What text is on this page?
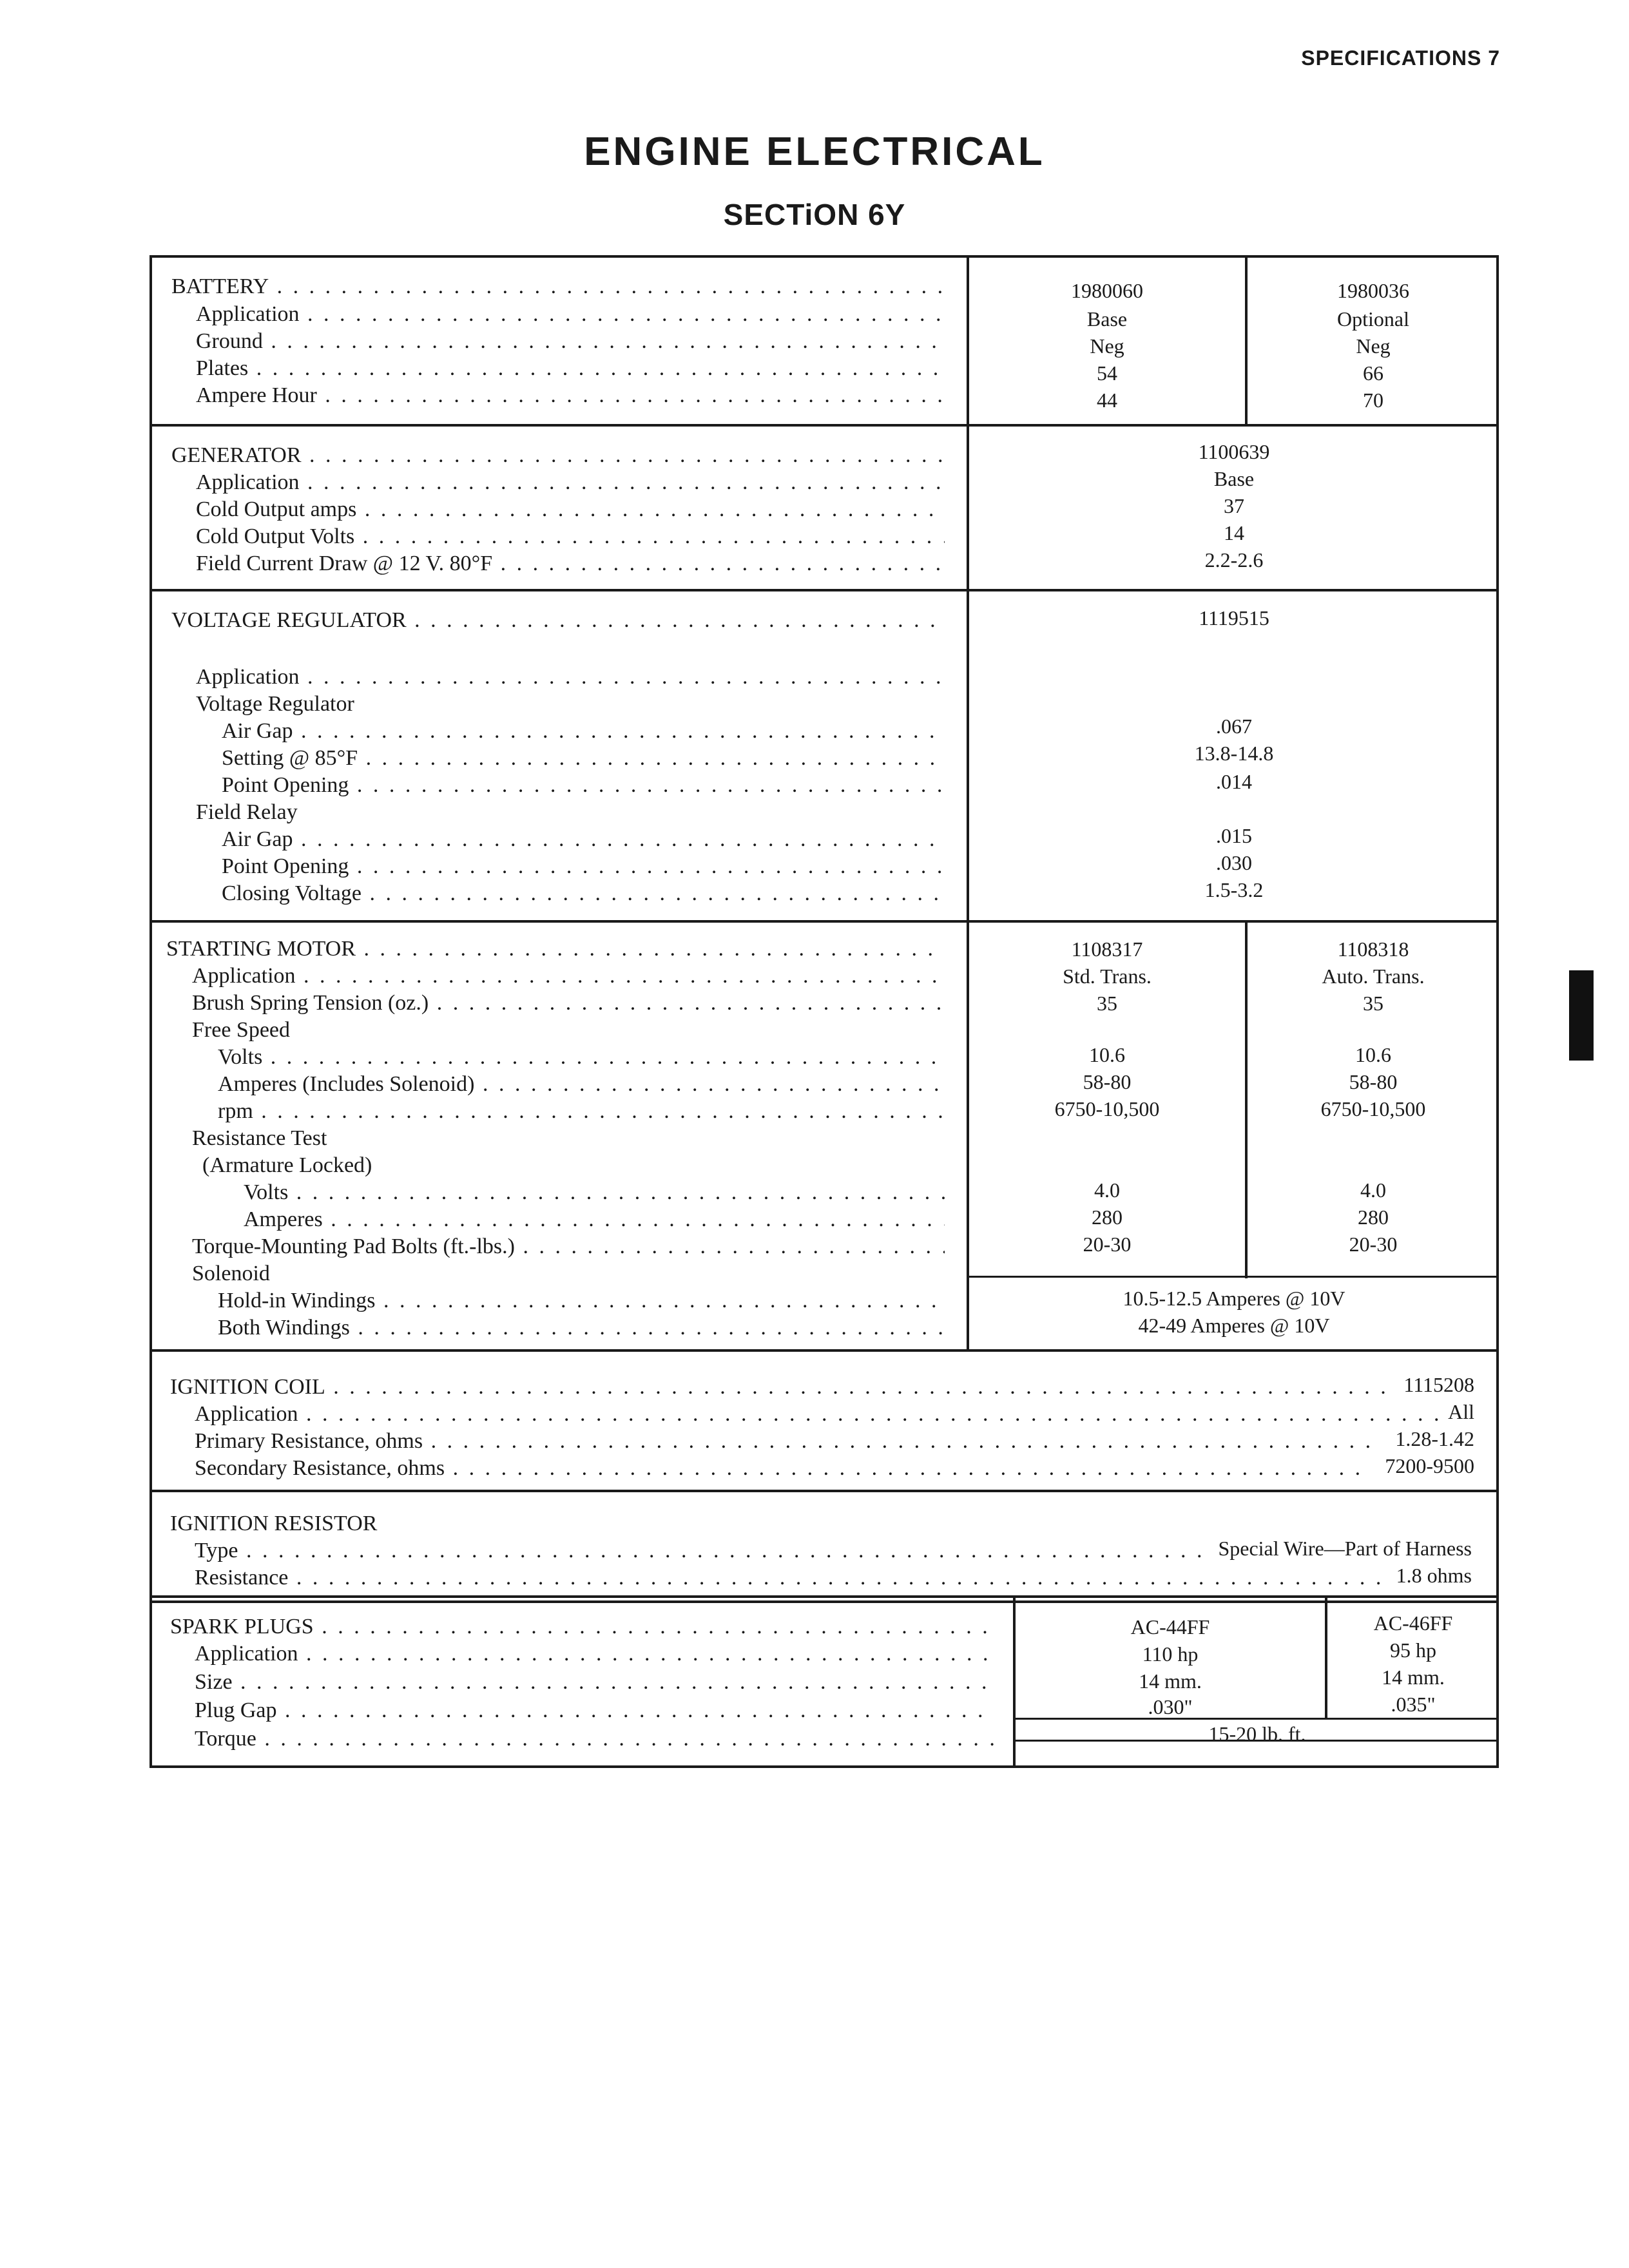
SPECIFICATIONS 7
ENGINE ELECTRICAL
SECTiON 6Y
BATTERY . . .
Application . . .
Ground . . .
Plates . . .
Ampere Hour . . .
1980060
Base
Neg
54
44
1980036
Optional
Neg
66
70
GENERATOR . . .
Application . . .
Cold Output amps . . .
Cold Output Volts . . .
Field Current Draw @ 12 V. 80°F . . .
1100639
Base
37
14
2.2-2.6
VOLTAGE REGULATOR . . .	1119515
Application . . .
Voltage Regulator
Air Gap . . .
Setting @ 85°F . . .
Point Opening . . .
Field Relay
Air Gap . . .
Point Opening . . .
Closing Voltage . . .
.067
13.8-14.8
.014
.015
.030
1.5-3.2
STARTING MOTOR . . .
Application . . .
Brush Spring Tension (oz.) . . .
Free Speed
Volts . . .
Amperes (Includes Solenoid) . . .
rpm . . .
Resistance Test
(Armature Locked)
Volts . . .
Amperes . . .
Torque-Mounting Pad Bolts (ft.-lbs.) . . .
Solenoid
Hold-in Windings . . .
Both Windings . . .
1108317
Std. Trans.
35
10.6
58-80
6750-10,500
4.0
280
20-30
1108318
Auto. Trans.
35
10.6
58-80
6750-10,500
4.0
280
20-30
10.5-12.5 Amperes @ 10V
42-49 Amperes @ 10V
IGNITION COIL . . .
Application . . .
Primary Resistance, ohms . . .
Secondary Resistance, ohms . . .
1115208
All
1.28-1.42
7200-9500
IGNITION RESISTOR
Type . . .
Resistance . . .
Special Wire—Part of Harness
1.8 ohms
SPARK PLUGS . . .
Application . . .
Size . . .
Plug Gap . . .
Torque . . .
AC-44FF
110 hp
14 mm.
.030"
AC-46FF
95 hp
14 mm.
.035"
15-20 lb. ft.
